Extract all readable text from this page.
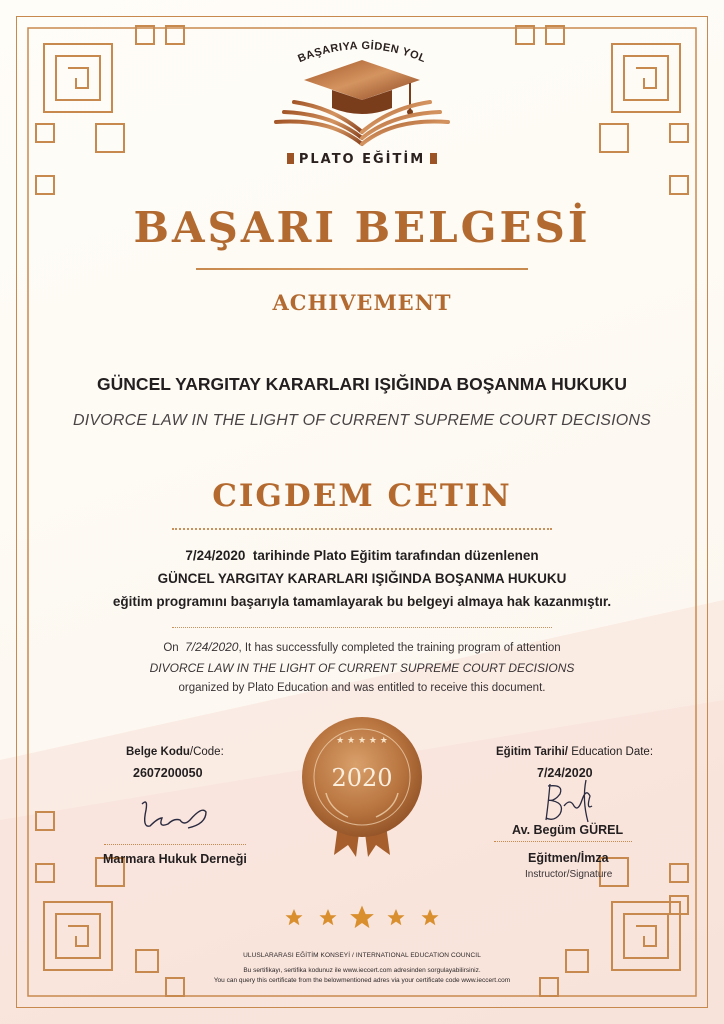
BAŞARIYA GİDEN YOL
PLATO EĞİTİM
BAŞARI BELGESİ
ACHIVEMENT
GÜNCEL YARGITAY KARARLARI IŞIĞINDA BOŞANMA HUKUKU
DIVORCE LAW IN THE LIGHT OF CURRENT SUPREME COURT DECISIONS
CIGDEM CETIN
7/24/2020 tarihinde Plato Eğitim tarafından düzenlenen
GÜNCEL YARGITAY KARARLARI IŞIĞINDA BOŞANMA HUKUKU
eğitim programını başarıyla tamamlayarak bu belgeyi almaya hak kazanmıştır.
On 7/24/2020, It has successfully completed the training program of attention
DIVORCE LAW IN THE LIGHT OF CURRENT SUPREME COURT DECISIONS
organized by Plato Education and was entitled to receive this document.
★ ★ ★ ★ ★
2020
Belge Kodu/Code:
2607200050
Marmara Hukuk Derneği
Eğitim Tarihi/ Education Date:
7/24/2020
Av. Begüm GÜREL
Eğitmen/İmza
Instructor/Signature
ULUSLARARASI EĞİTİM KONSEYİ / INTERNATIONAL EDUCATION COUNCIL
Bu sertifikayı, sertifika kodunuz ile www.ieccert.com adresinden sorgulayabilirsiniz.
You can query this certificate from the belowmentioned adres via your certificate code www.ieccert.com
